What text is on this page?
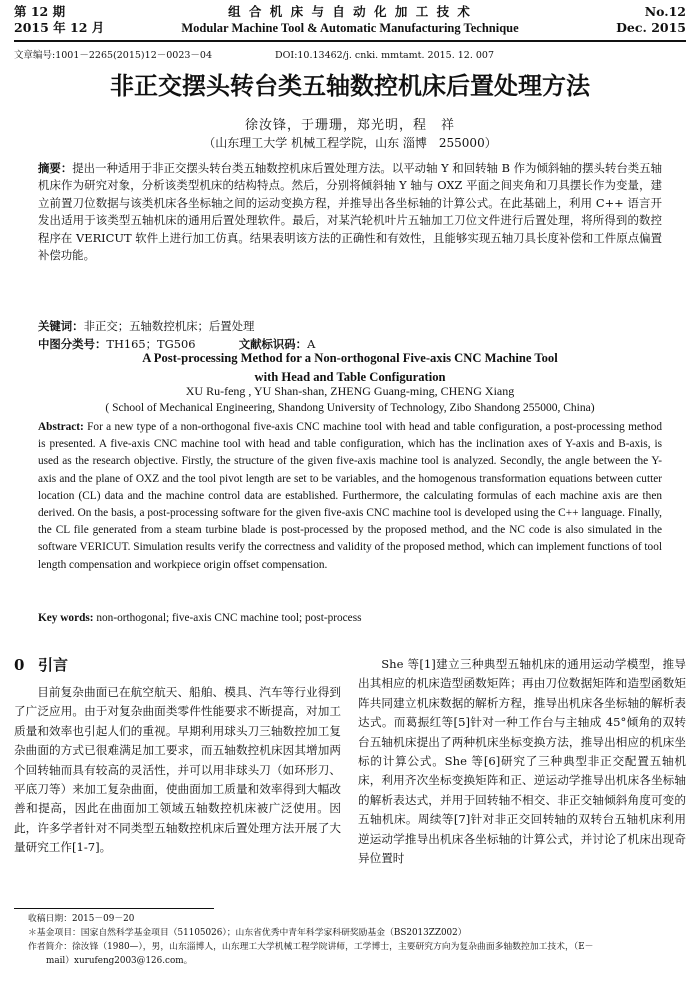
第 12 期
2015 年 12 月
组 合 机 床 与 自 动 化 加 工 技 术
Modular Machine Tool & Automatic Manufacturing Technique
No.12
Dec. 2015
文章编号:1001－2265(2015)12－0023－04	DOI:10.13462/j. cnki. mmtamt. 2015. 12. 007
非正交摆头转台类五轴数控机床后置处理方法
徐汝锋，于珊珊，郑光明，程　祥
（山东理工大学 机械工程学院，山东 淄博　255000）
摘要：提出一种适用于非正交摆头转台类五轴数控机床后置处理方法。以平动轴 Y 和回转轴 B 作为倾斜轴的摆头转台类五轴机床作为研究对象，分析该类型机床的结构特点。然后，分别将倾斜轴 Y 轴与 OXZ 平面之间夹角和刀具摆长作为变量，建立前置刀位数据与该类机床各坐标轴之间的运动变换方程，并推导出各坐标轴的计算公式。在此基础上，利用 C++ 语言开发出适用于该类型五轴机床的通用后置处理软件。最后，对某汽轮机叶片五轴加工刀位文件进行后置处理，将所得到的数控程序在 VERICUT 软件上进行加工仿真。结果表明该方法的正确性和有效性，且能够实现五轴刀具长度补偿和工件原点偏置补偿功能。
关键词：非正交；五轴数控机床；后置处理
中图分类号：TH165；TG506	文献标识码：A
A Post-processing Method for a Non-orthogonal Five-axis CNC Machine Tool
with Head and Table Configuration
XU Ru-feng , YU Shan-shan, ZHENG Guang-ming, CHENG Xiang
( School of Mechanical Engineering, Shandong University of Technology, Zibo Shandong 255000, China)
Abstract: For a new type of a non-orthogonal five-axis CNC machine tool with head and table configuration, a post-processing method is presented. A five-axis CNC machine tool with head and table configuration, which has the inclination axes of Y-axis and B-axis, is used as the research objective. Firstly, the structure of the given five-axis machine tool is analyzed. Secondly, the angle between the Y-axis and the plane of OXZ and the tool pivot length are set to be variables, and the homogenous transformation equations between cutter location (CL) data and the machine control data are established. Furthermore, the calculating formulas of each machine axis are then derived. On the basis, a post-processing software for the given five-axis CNC machine tool is developed using the C++ language. Finally, the CL file generated from a steam turbine blade is post-processed by the proposed method, and the NC code is also simulated in the software VERICUT. Simulation results verify the correctness and validity of the proposed method, which can implement functions of tool length compensation and workpiece origin offset compensation.
Key words: non-orthogonal; five-axis CNC machine tool; post-process
0 引言
目前复杂曲面已在航空航天、船舶、模具、汽车等行业得到了广泛应用。由于对复杂曲面类零件性能要求不断提高，对加工质量和效率也引起人们的重视。早期利用球头刀三轴数控加工复杂曲面的方式已很难满足加工要求，而五轴数控机床因其增加两个回转轴而具有较高的灵活性，并可以用非球头刀（如环形刀、平底刀等）来加工复杂曲面，使曲面加工质量和效率得到大幅改善和提高，因此在曲面加工领域五轴数控机床被广泛使用。因此，许多学者针对不同类型五轴数控机床后置处理方法开展了大量研究工作[1-7]。
She 等[1]建立三种典型五轴机床的通用运动学模型，推导出其相应的机床造型函数矩阵；再由刀位数据矩阵和造型函数矩阵共同建立机床数据的解析方程，推导出机床各坐标轴的解析表达式。而葛振红等[5]针对一种工作台与主轴成 45°倾角的双转台五轴机床提出了两种机床坐标变换方法，推导出相应的机床坐标的计算公式。She 等[6]研究了三种典型非正交配置五轴机床，利用齐次坐标变换矩阵和正、逆运动学推导出机床各坐标轴的解析表达式，并用于回转轴不相交、非正交轴倾斜角度可变的五轴机床。周续等[7]针对非正交回转轴的双转台五轴机床利用逆运动学推导出机床各坐标轴的计算公式，并讨论了机床出现奇异位置时
收稿日期：2015－09－20
＊基金项目：国家自然科学基金项目（51105026）；山东省优秀中青年科学家科研奖励基金（BS2013ZZ002）
作者简介：徐汝锋（1980—），男，山东淄博人，山东理工大学机械工程学院讲师，工学博士，主要研究方向为复杂曲面多轴数控加工技术，（E－
mail）xurufeng2003@126.com。
